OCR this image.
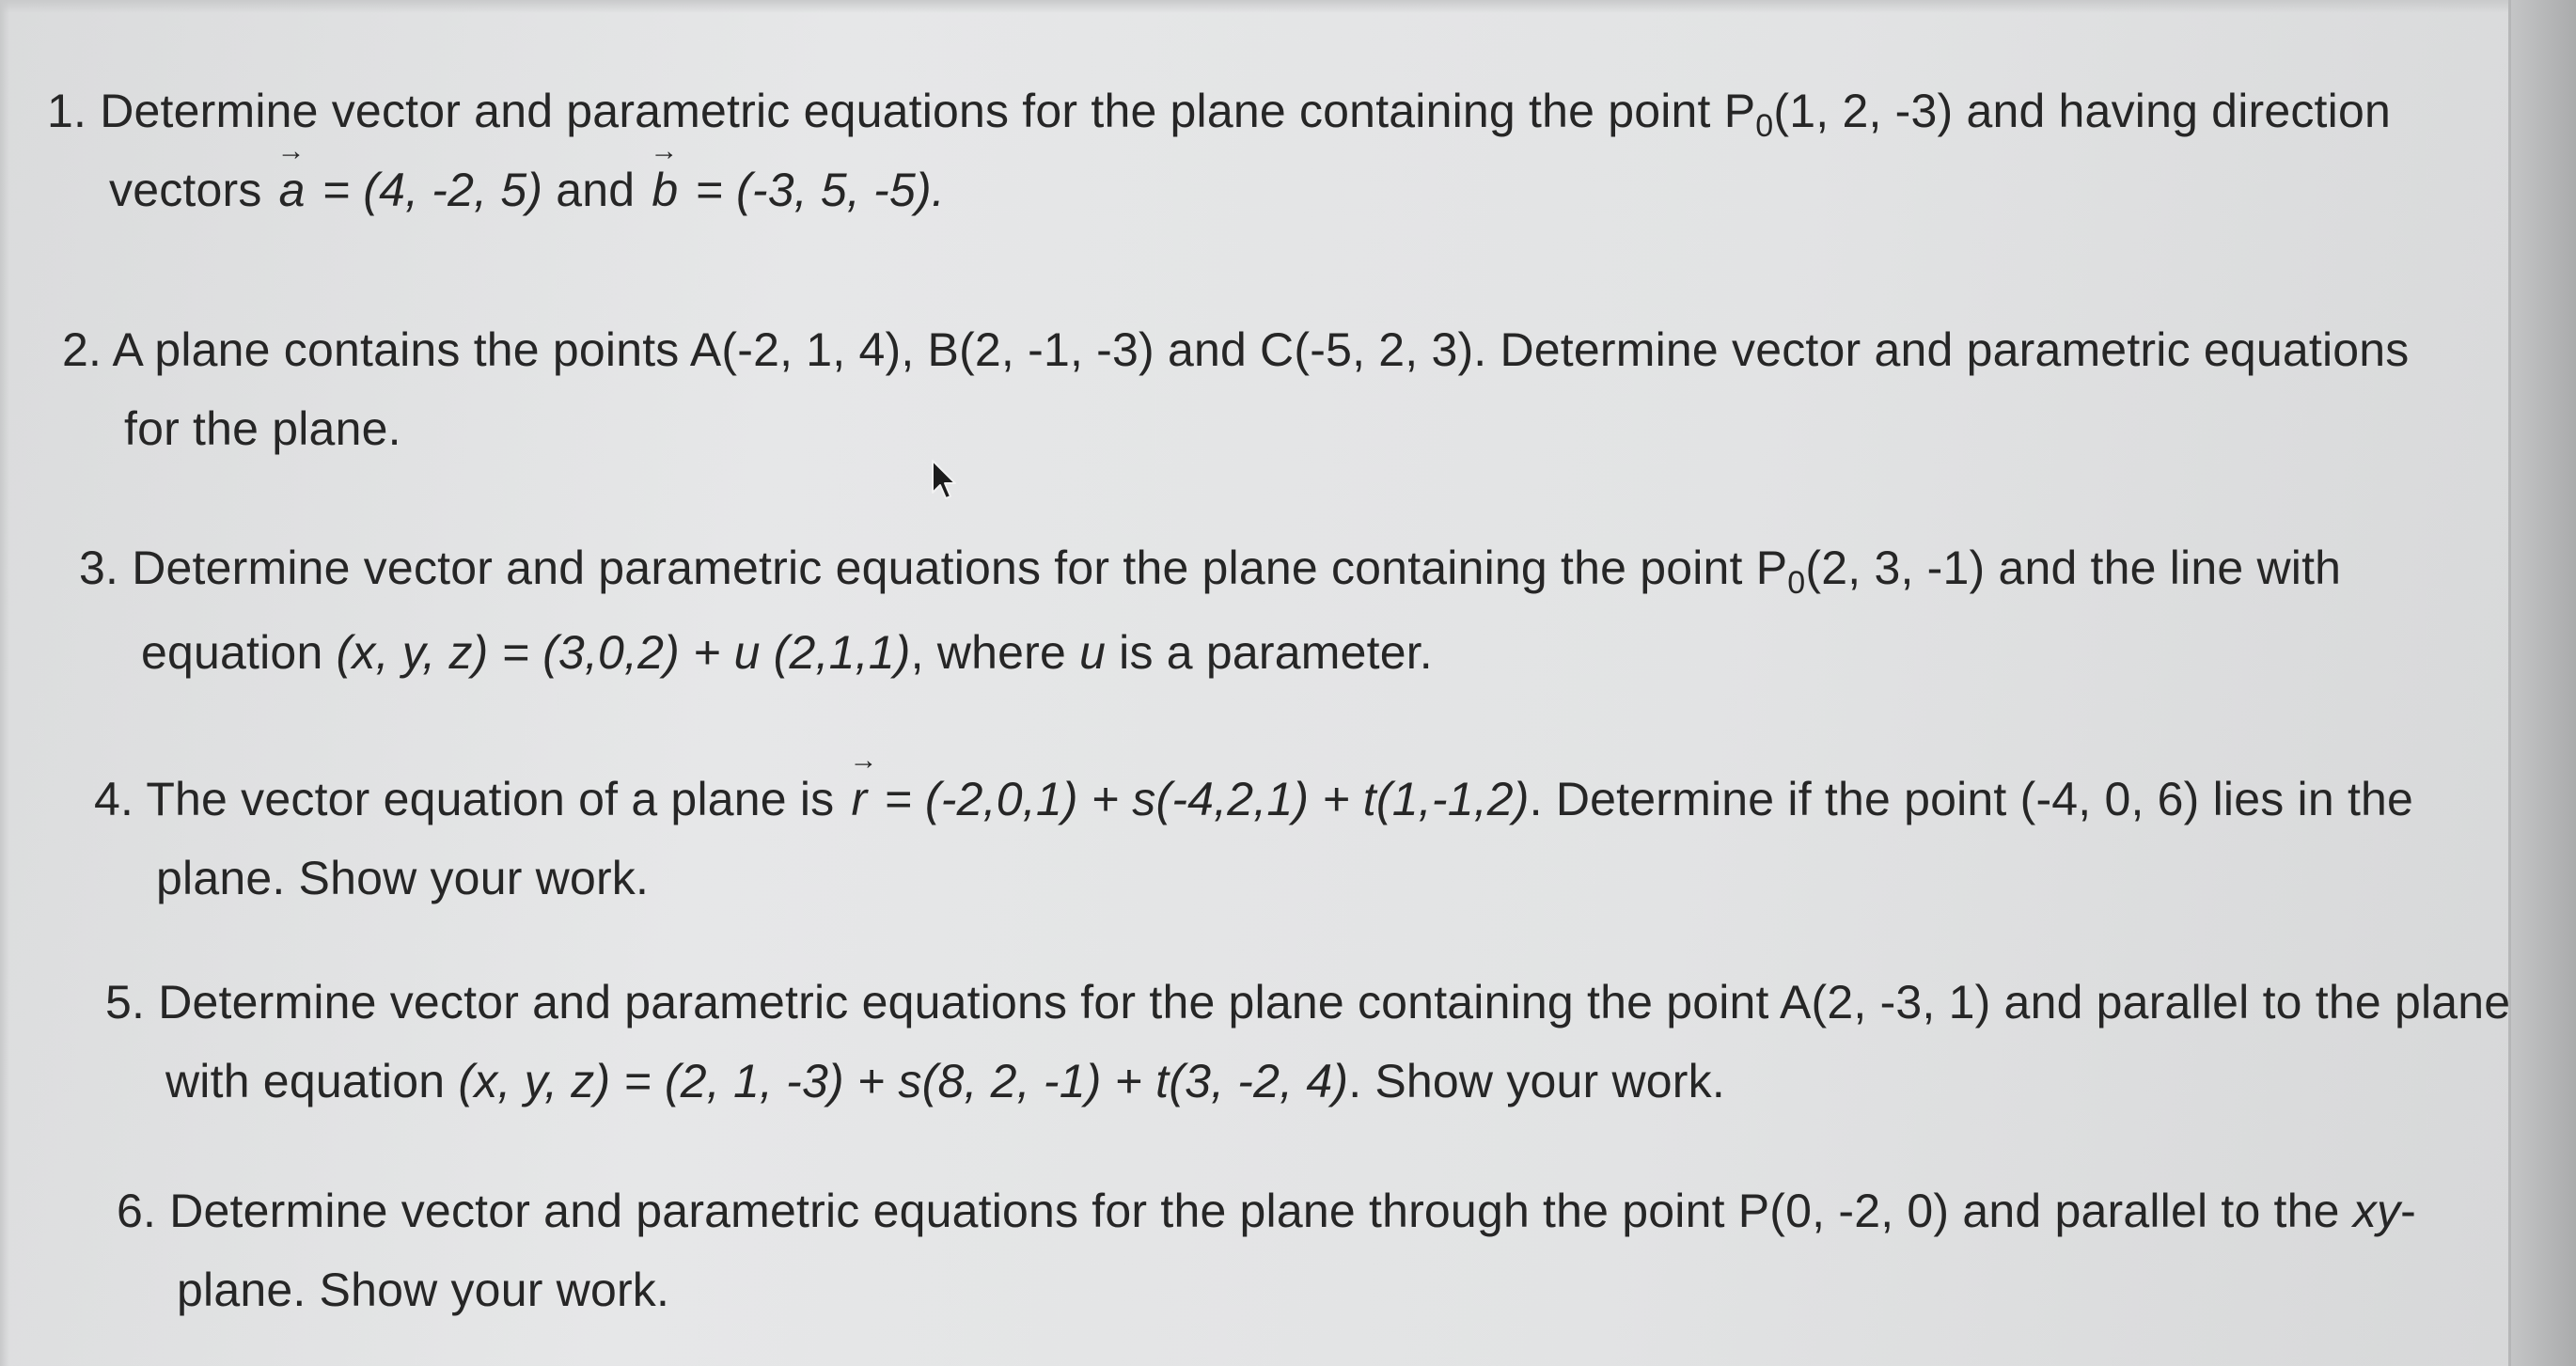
1. Determine vector and parametric equations for the plane containing the point $P_0(1$, 2, -3) and having direction
vectors
→
a = (4, -2, 5) and
→
b = (-3, 5, -5).
2. A plane contains the points A(-2, 1, 4), B(2, -1, -3) and C(-5, 2, 3). Determine vector and parametric equations
for the plane.
3. Determine vector and parametric equations for the plane containing the point $P_0(2$, 3, -1) and the line with
equation (x, y, z) = (3,0,2) + u (2,1,1), where u is a parameter.
4. The vector equation of a plane is
→
r = (-2,0,1) + s(-4,2,1) + t(1,-1,2). Determine if the point (-4, 0, 6) lies in the
plane. Show your work.
5. Determine vector and parametric equations for the plane containing the point A(2, -3, 1) and parallel to the plane
with equation (x, y, z) = (2, 1, -3) + s(8, 2, -1) + t(3, -2, 4). Show your work.
6. Determine vector and parametric equations for the plane through the point P(0, -2, 0) and parallel to the xy-
plane. Show your work.
